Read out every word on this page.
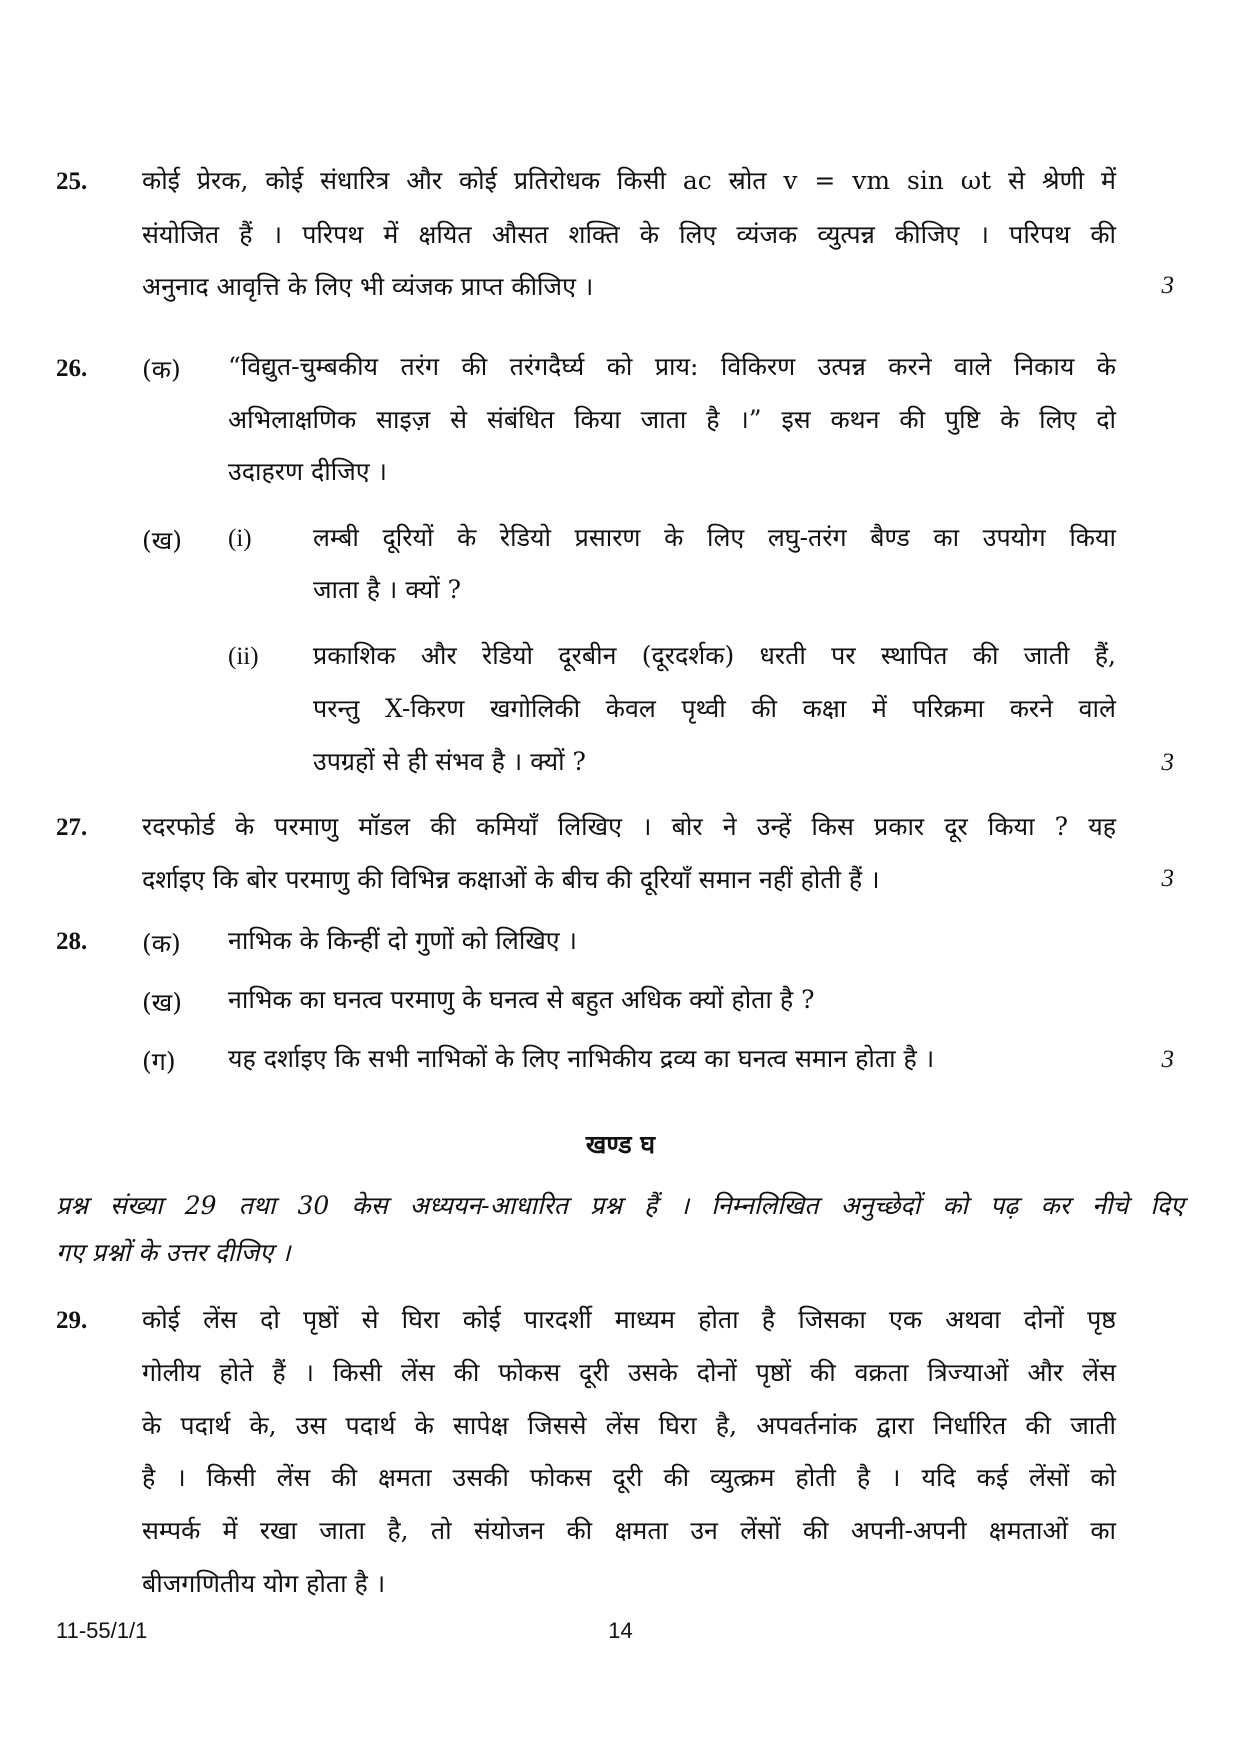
25. कोई प्रेरक, कोई संधारित्र और कोई प्रतिरोधक किसी ac स्रोत v = vm sin ωt से श्रेणी में
संयोजित हैं । परिपथ में क्षयित औसत शक्ति के लिए व्यंजक व्युत्पन्न कीजिए । परिपथ की
अनुनाद आवृत्ति के लिए भी व्यंजक प्राप्त कीजिए ।	3
26. (क) “विद्युत-चुम्बकीय तरंग की तरंगदैर्घ्य को प्राय: विकिरण उत्पन्न करने वाले निकाय के
अभिलाक्षणिक साइज़ से संबंधित किया जाता है ।” इस कथन की पुष्टि के लिए दो
उदाहरण दीजिए ।
(ख) (i) लम्बी दूरियों के रेडियो प्रसारण के लिए लघु-तरंग बैण्ड का उपयोग किया
जाता है । क्यों ?
(ii) प्रकाशिक और रेडियो दूरबीन (दूरदर्शक) धरती पर स्थापित की जाती हैं,
परन्तु X-किरण खगोलिकी केवल पृथ्वी की कक्षा में परिक्रमा करने वाले
उपग्रहों से ही संभव है । क्यों ?	3
27. रदरफोर्ड के परमाणु मॉडल की कमियाँ लिखिए । बोर ने उन्हें किस प्रकार दूर किया ? यह
दर्शाइए कि बोर परमाणु की विभिन्न कक्षाओं के बीच की दूरियाँ समान नहीं होती हैं ।	3
28. (क) नाभिक के किन्हीं दो गुणों को लिखिए ।
(ख) नाभिक का घनत्व परमाणु के घनत्व से बहुत अधिक क्यों होता है ?
(ग) यह दर्शाइए कि सभी नाभिकों के लिए नाभिकीय द्रव्य का घनत्व समान होता है ।	3
खण्ड घ
प्रश्न संख्या 29 तथा 30 केस अध्ययन-आधारित प्रश्न हैं । निम्नलिखित अनुच्छेदों को पढ़ कर नीचे दिए
गए प्रश्नों के उत्तर दीजिए ।
29. कोई लेंस दो पृष्ठों से घिरा कोई पारदर्शी माध्यम होता है जिसका एक अथवा दोनों पृष्ठ
गोलीय होते हैं । किसी लेंस की फोकस दूरी उसके दोनों पृष्ठों की वक्रता त्रिज्याओं और लेंस
के पदार्थ के, उस पदार्थ के सापेक्ष जिससे लेंस घिरा है, अपवर्तनांक द्वारा निर्धारित की जाती
है । किसी लेंस की क्षमता उसकी फोकस दूरी की व्युत्क्रम होती है । यदि कई लेंसों को
सम्पर्क में रखा जाता है, तो संयोजन की क्षमता उन लेंसों की अपनी-अपनी क्षमताओं का
बीजगणितीय योग होता है ।
11-55/1/1	14
